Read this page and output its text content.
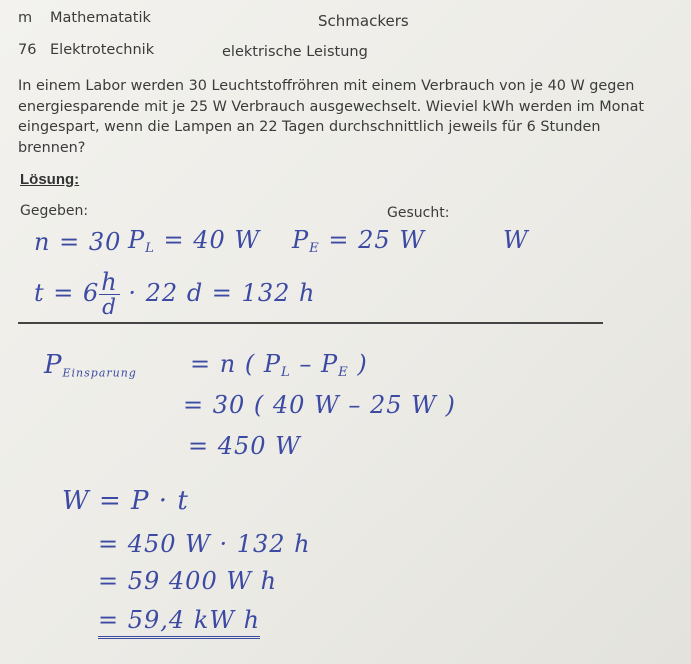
m Mathematatik	Schmackers
76 Elektrotechnik	elektrische Leistung
In einem Labor werden 30 Leuchtstoffröhren mit einem Verbrauch von je 40 W gegen energiesparende mit je 25 W Verbrauch ausgewechselt. Wieviel kWh werden im Monat eingespart, wenn die Lampen an 22 Tagen durchschnittlich jeweils für 6 Stunden brennen?
Lösung:
Gegeben:	Gesucht:
n = 30 $P_L = 40$ W $P_E = 25$ W	W
$t = 6 \frac{h}{d} \cdot 22$ d = 132 h
$P_{Einsparung} = n$ ( $P_L - P_E$ )
= 30 ( 40 W – 25 W )
= 450 W
W = P · t
= 450 W · 132 h
= 59 400 W h
= 59,4 kW h
